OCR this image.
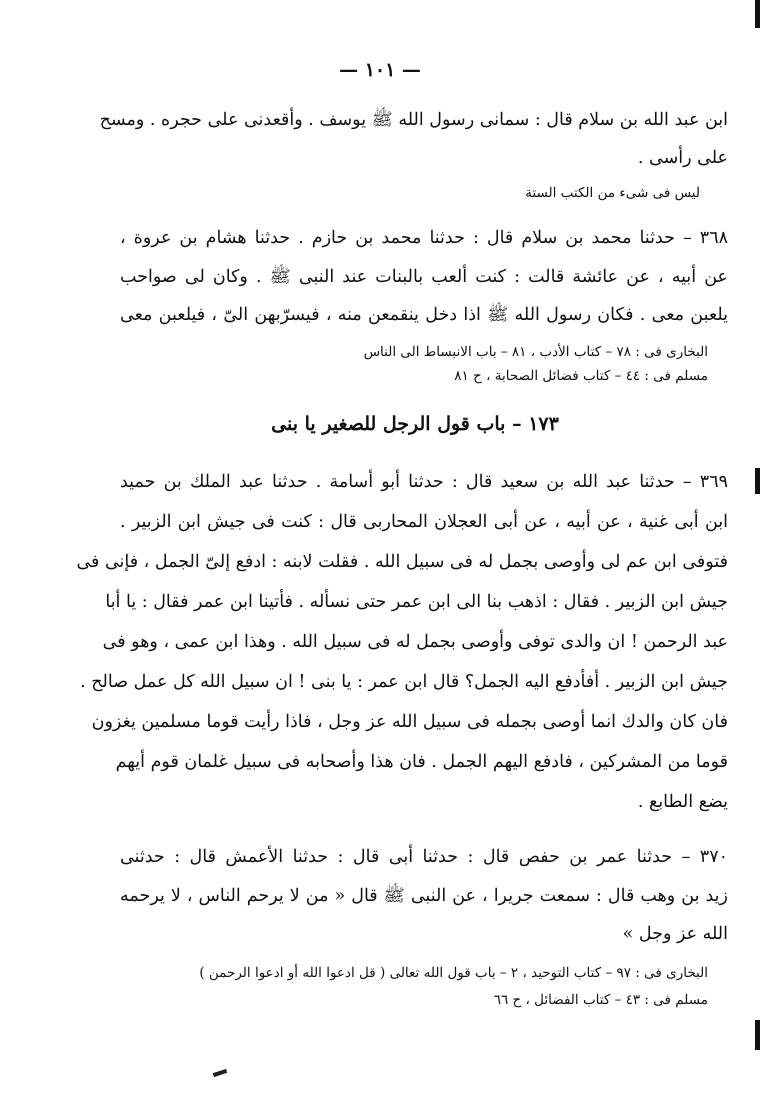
— ١٠١ —

ابن عبد الله بن سلام قال : سمانى رسول الله ﷺ يوسف . وأقعدنى على حجره . ومسح

على رأسى .

ليس فى شىء من الكتب الستة

٣٦٨ – حدثنا محمد بن سلام قال : حدثنا محمد بن حازم . حدثنا هشام بن عروة ،

عن أبيه ، عن عائشة قالت : كنت ألعب بالبنات عند النبى ﷺ . وكان لى صواحب

يلعبن معى . فكان رسول الله ﷺ اذا دخل ينقمعن منه ، فيسرّبهن الىّ ، فيلعبن معى

البخارى فى : ٧٨ – كتاب الأدب ، ٨١ – باب الانبساط الى الناس

مسلم فى : ٤٤ – كتاب فضائل الصحابة ، ح ٨١

١٧٣ – باب قول الرجل للصغير يا بنى

٣٦٩ – حدثنا عبد الله بن سعيد قال : حدثنا أبو أسامة . حدثنا عبد الملك بن حميد

ابن أبى غنية ، عن أبيه ، عن أبى العجلان المحاربى قال : كنت فى جيش ابن الزبير .

فتوفى ابن عم لى وأوصى بجمل له فى سبيل الله . فقلت لابنه : ادفع إلىّ الجمل ، فإنى فى

جيش ابن الزبير . فقال : اذهب بنا الى ابن عمر حتى نسأله . فأتينا ابن عمر فقال : يا أبا

عبد الرحمن ! ان والدى توفى وأوصى بجمل له فى سبيل الله . وهذا ابن عمى ، وهو فى

جيش ابن الزبير . أفأدفع اليه الجمل؟ قال ابن عمر : يا بنى ! ان سبيل الله كل عمل صالح .

فان كان والدك انما أوصى بجمله فى سبيل الله عز وجل ، فاذا رأيت قوما مسلمين يغزون

قوما من المشركين ، فادفع اليهم الجمل . فان هذا وأصحابه فى سبيل غلمان قوم أيهم

يضع الطابع .

٣٧٠ – حدثنا عمر بن حفص قال : حدثنا أبى قال : حدثنا الأعمش قال : حدثنى

زيد بن وهب قال : سمعت جريرا ، عن النبى ﷺ قال « من لا يرحم الناس ، لا يرحمه

الله عز وجل »

البخارى فى : ٩٧ – كتاب التوحيد ، ٢ – باب قول الله تعالى ( قل ادعوا الله أو ادعوا الرحمن )

مسلم فى : ٤٣ – كتاب الفضائل ، ح ٦٦
